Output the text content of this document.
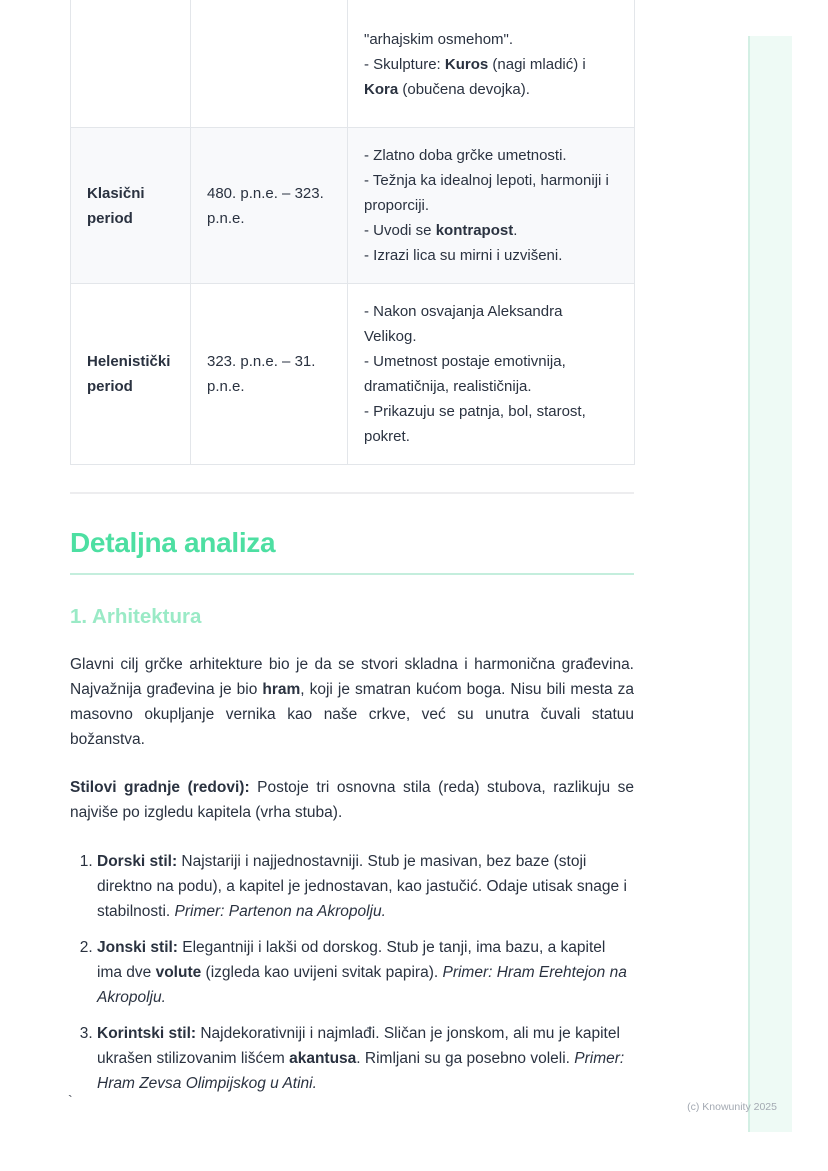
		"arhajskim osmehom".
- Skulpture: Kuros (nagi mladić) i Kora (obučena devojka).

Klasični period	480. p.n.e. – 323. p.n.e.	- Zlatno doba grčke umetnosti.
- Težnja ka idealnoj lepoti, harmoniji i proporciji.
- Uvodi se kontrapost.
- Izrazi lica su mirni i uzvišeni.

Helenistički period	323. p.n.e. – 31. p.n.e.	- Nakon osvajanja Aleksandra Velikog.
- Umetnost postaje emotivnija, dramatičnija, realističnija.
- Prikazuju se patnja, bol, starost, pokret.
Detaljna analiza
1. Arhitektura

Glavni cilj grčke arhitekture bio je da se stvori skladna i harmonična građevina. Najvažnija građevina je bio hram, koji je smatran kućom boga. Nisu bili mesta za masovno okupljanje vernika kao naše crkve, već su unutra čuvali statuu božanstva.

Stilovi gradnje (redovi): Postoje tri osnovna stila (reda) stubova, razlikuju se najviše po izgledu kapitela (vrha stuba).

1. Dorski stil: Najstariji i najjednostavniji. Stub je masivan, bez baze (stoji direktno na podu), a kapitel je jednostavan, kao jastučić. Odaje utisak snage i stabilnosti. Primer: Partenon na Akropolju.
2. Jonski stil: Elegantniji i lakši od dorskog. Stub je tanji, ima bazu, a kapitel ima dve volute (izgleda kao uvijeni svitak papira). Primer: Hram Erehtejon na Akropolju.
3. Korintski stil: Najdekorativniji i najmlađi. Sličan je jonskom, ali mu je kapitel ukrašen stilizovanim lišćem akantusa. Rimljani su ga posebno voleli. Primer: Hram Zevsa Olimpijskog u Atini.
`	(c) Knowunity 2025
